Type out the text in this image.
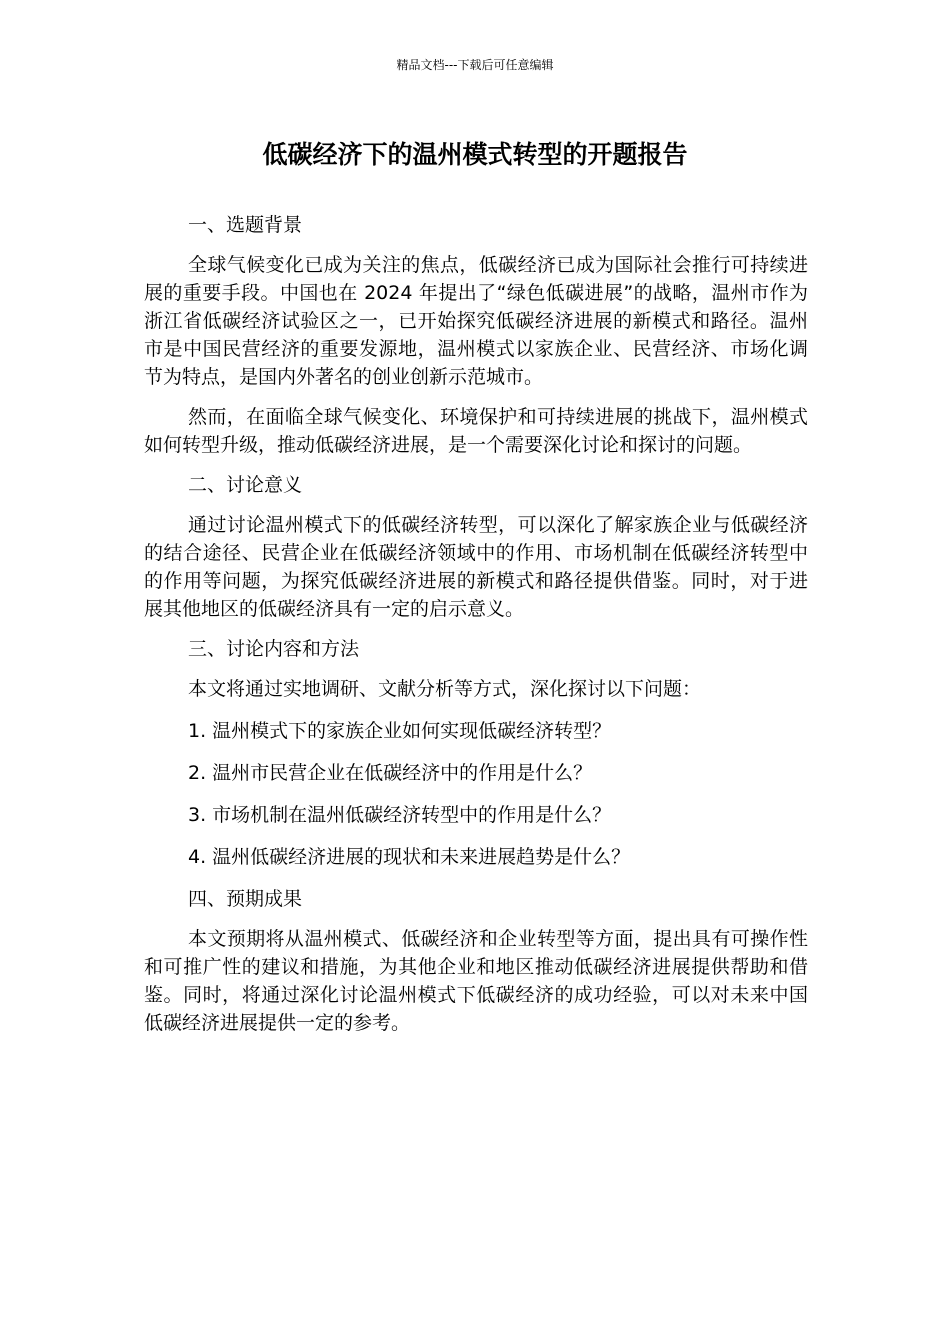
精品文档---下载后可任意编辑
低碳经济下的温州模式转型的开题报告

一、选题背景

全球气候变化已成为关注的焦点，低碳经济已成为国际社会推行可持续进展的重要手段。中国也在 2024 年提出了“绿色低碳进展”的战略，温州市作为浙江省低碳经济试验区之一，已开始探究低碳经济进展的新模式和路径。温州市是中国民营经济的重要发源地，温州模式以家族企业、民营经济、市场化调节为特点，是国内外著名的创业创新示范城市。

然而，在面临全球气候变化、环境保护和可持续进展的挑战下，温州模式如何转型升级，推动低碳经济进展，是一个需要深化讨论和探讨的问题。

二、讨论意义

通过讨论温州模式下的低碳经济转型，可以深化了解家族企业与低碳经济的结合途径、民营企业在低碳经济领域中的作用、市场机制在低碳经济转型中的作用等问题，为探究低碳经济进展的新模式和路径提供借鉴。同时，对于进展其他地区的低碳经济具有一定的启示意义。

三、讨论内容和方法

本文将通过实地调研、文献分析等方式，深化探讨以下问题：

1. 温州模式下的家族企业如何实现低碳经济转型？

2. 温州市民营企业在低碳经济中的作用是什么？

3. 市场机制在温州低碳经济转型中的作用是什么？

4. 温州低碳经济进展的现状和未来进展趋势是什么？

四、预期成果

本文预期将从温州模式、低碳经济和企业转型等方面，提出具有可操作性和可推广性的建议和措施，为其他企业和地区推动低碳经济进展提供帮助和借鉴。同时，将通过深化讨论温州模式下低碳经济的成功经验，可以对未来中国低碳经济进展提供一定的参考。
